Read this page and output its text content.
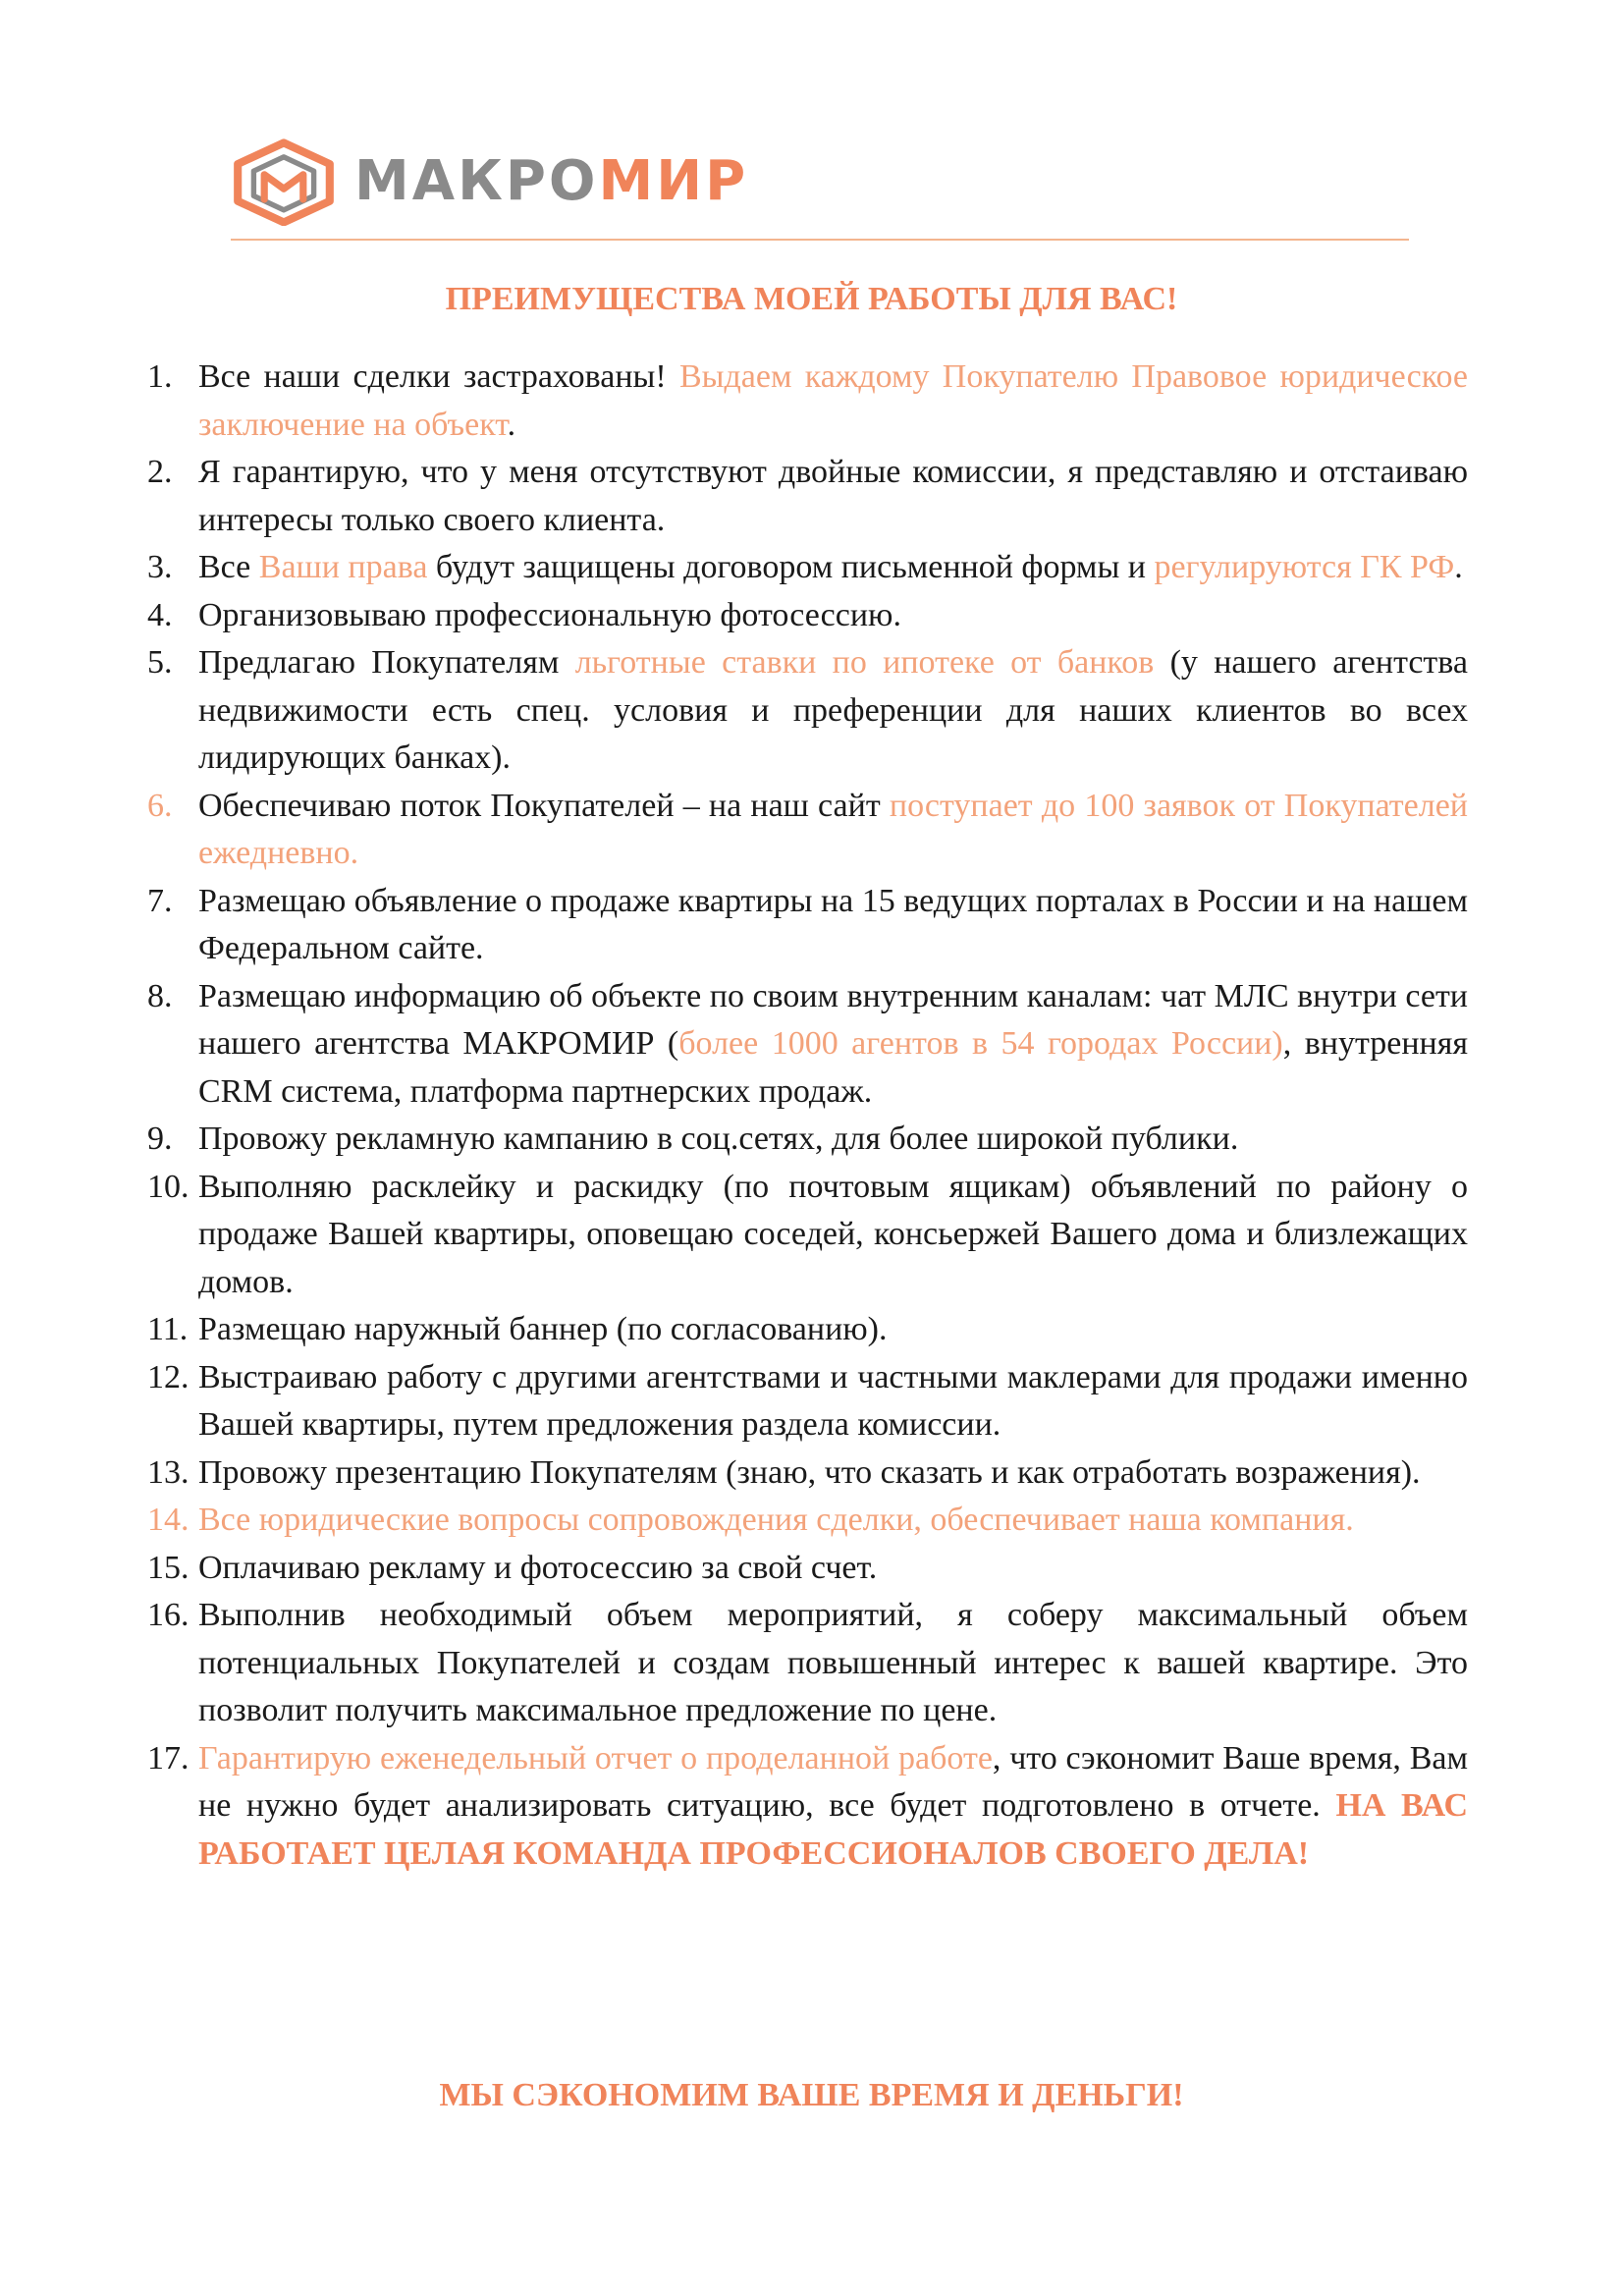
МАКРОМИР
ПРЕИМУЩЕСТВА МОЕЙ РАБОТЫ ДЛЯ ВАС!
1. Все наши сделки застрахованы! Выдаем каждому Покупателю Правовое юридическое заключение на объект.
2. Я гарантирую, что у меня отсутствуют двойные комиссии, я представляю и отстаиваю интересы только своего клиента.
3. Все Ваши права будут защищены договором письменной формы и регулируются ГК РФ.
4. Организовываю профессиональную фотосессию.
5. Предлагаю Покупателям льготные ставки по ипотеке от банков (у нашего агентства недвижимости есть спец. условия и преференции для наших клиентов во всех лидирующих банках).
6. Обеспечиваю поток Покупателей – на наш сайт поступает до 100 заявок от Покупателей ежедневно.
7. Размещаю объявление о продаже квартиры на 15 ведущих порталах в России и на нашем Федеральном сайте.
8. Размещаю информацию об объекте по своим внутренним каналам: чат МЛС внутри сети нашего агентства МАКРОМИР (более 1000 агентов в 54 городах России), внутренняя CRM система, платформа партнерских продаж.
9. Провожу рекламную кампанию в соц.сетях, для более широкой публики.
10. Выполняю расклейку и раскидку (по почтовым ящикам) объявлений по району о продаже Вашей квартиры, оповещаю соседей, консьержей Вашего дома и близлежащих домов.
11. Размещаю наружный баннер (по согласованию).
12. Выстраиваю работу с другими агентствами и частными маклерами для продажи именно Вашей квартиры, путем предложения раздела комиссии.
13. Провожу презентацию Покупателям (знаю, что сказать и как отработать возражения).
14. Все юридические вопросы сопровождения сделки, обеспечивает наша компания.
15. Оплачиваю рекламу и фотосессию за свой счет.
16. Выполнив необходимый объем мероприятий, я соберу максимальный объем потенциальных Покупателей и создам повышенный интерес к вашей квартире. Это позволит получить максимальное предложение по цене.
17. Гарантирую еженедельный отчет о проделанной работе, что сэкономит Ваше время, Вам не нужно будет анализировать ситуацию, все будет подготовлено в отчете. НА ВАС РАБОТАЕТ ЦЕЛАЯ КОМАНДА ПРОФЕССИОНАЛОВ СВОЕГО ДЕЛА!
МЫ СЭКОНОМИМ ВАШЕ ВРЕМЯ И ДЕНЬГИ!
